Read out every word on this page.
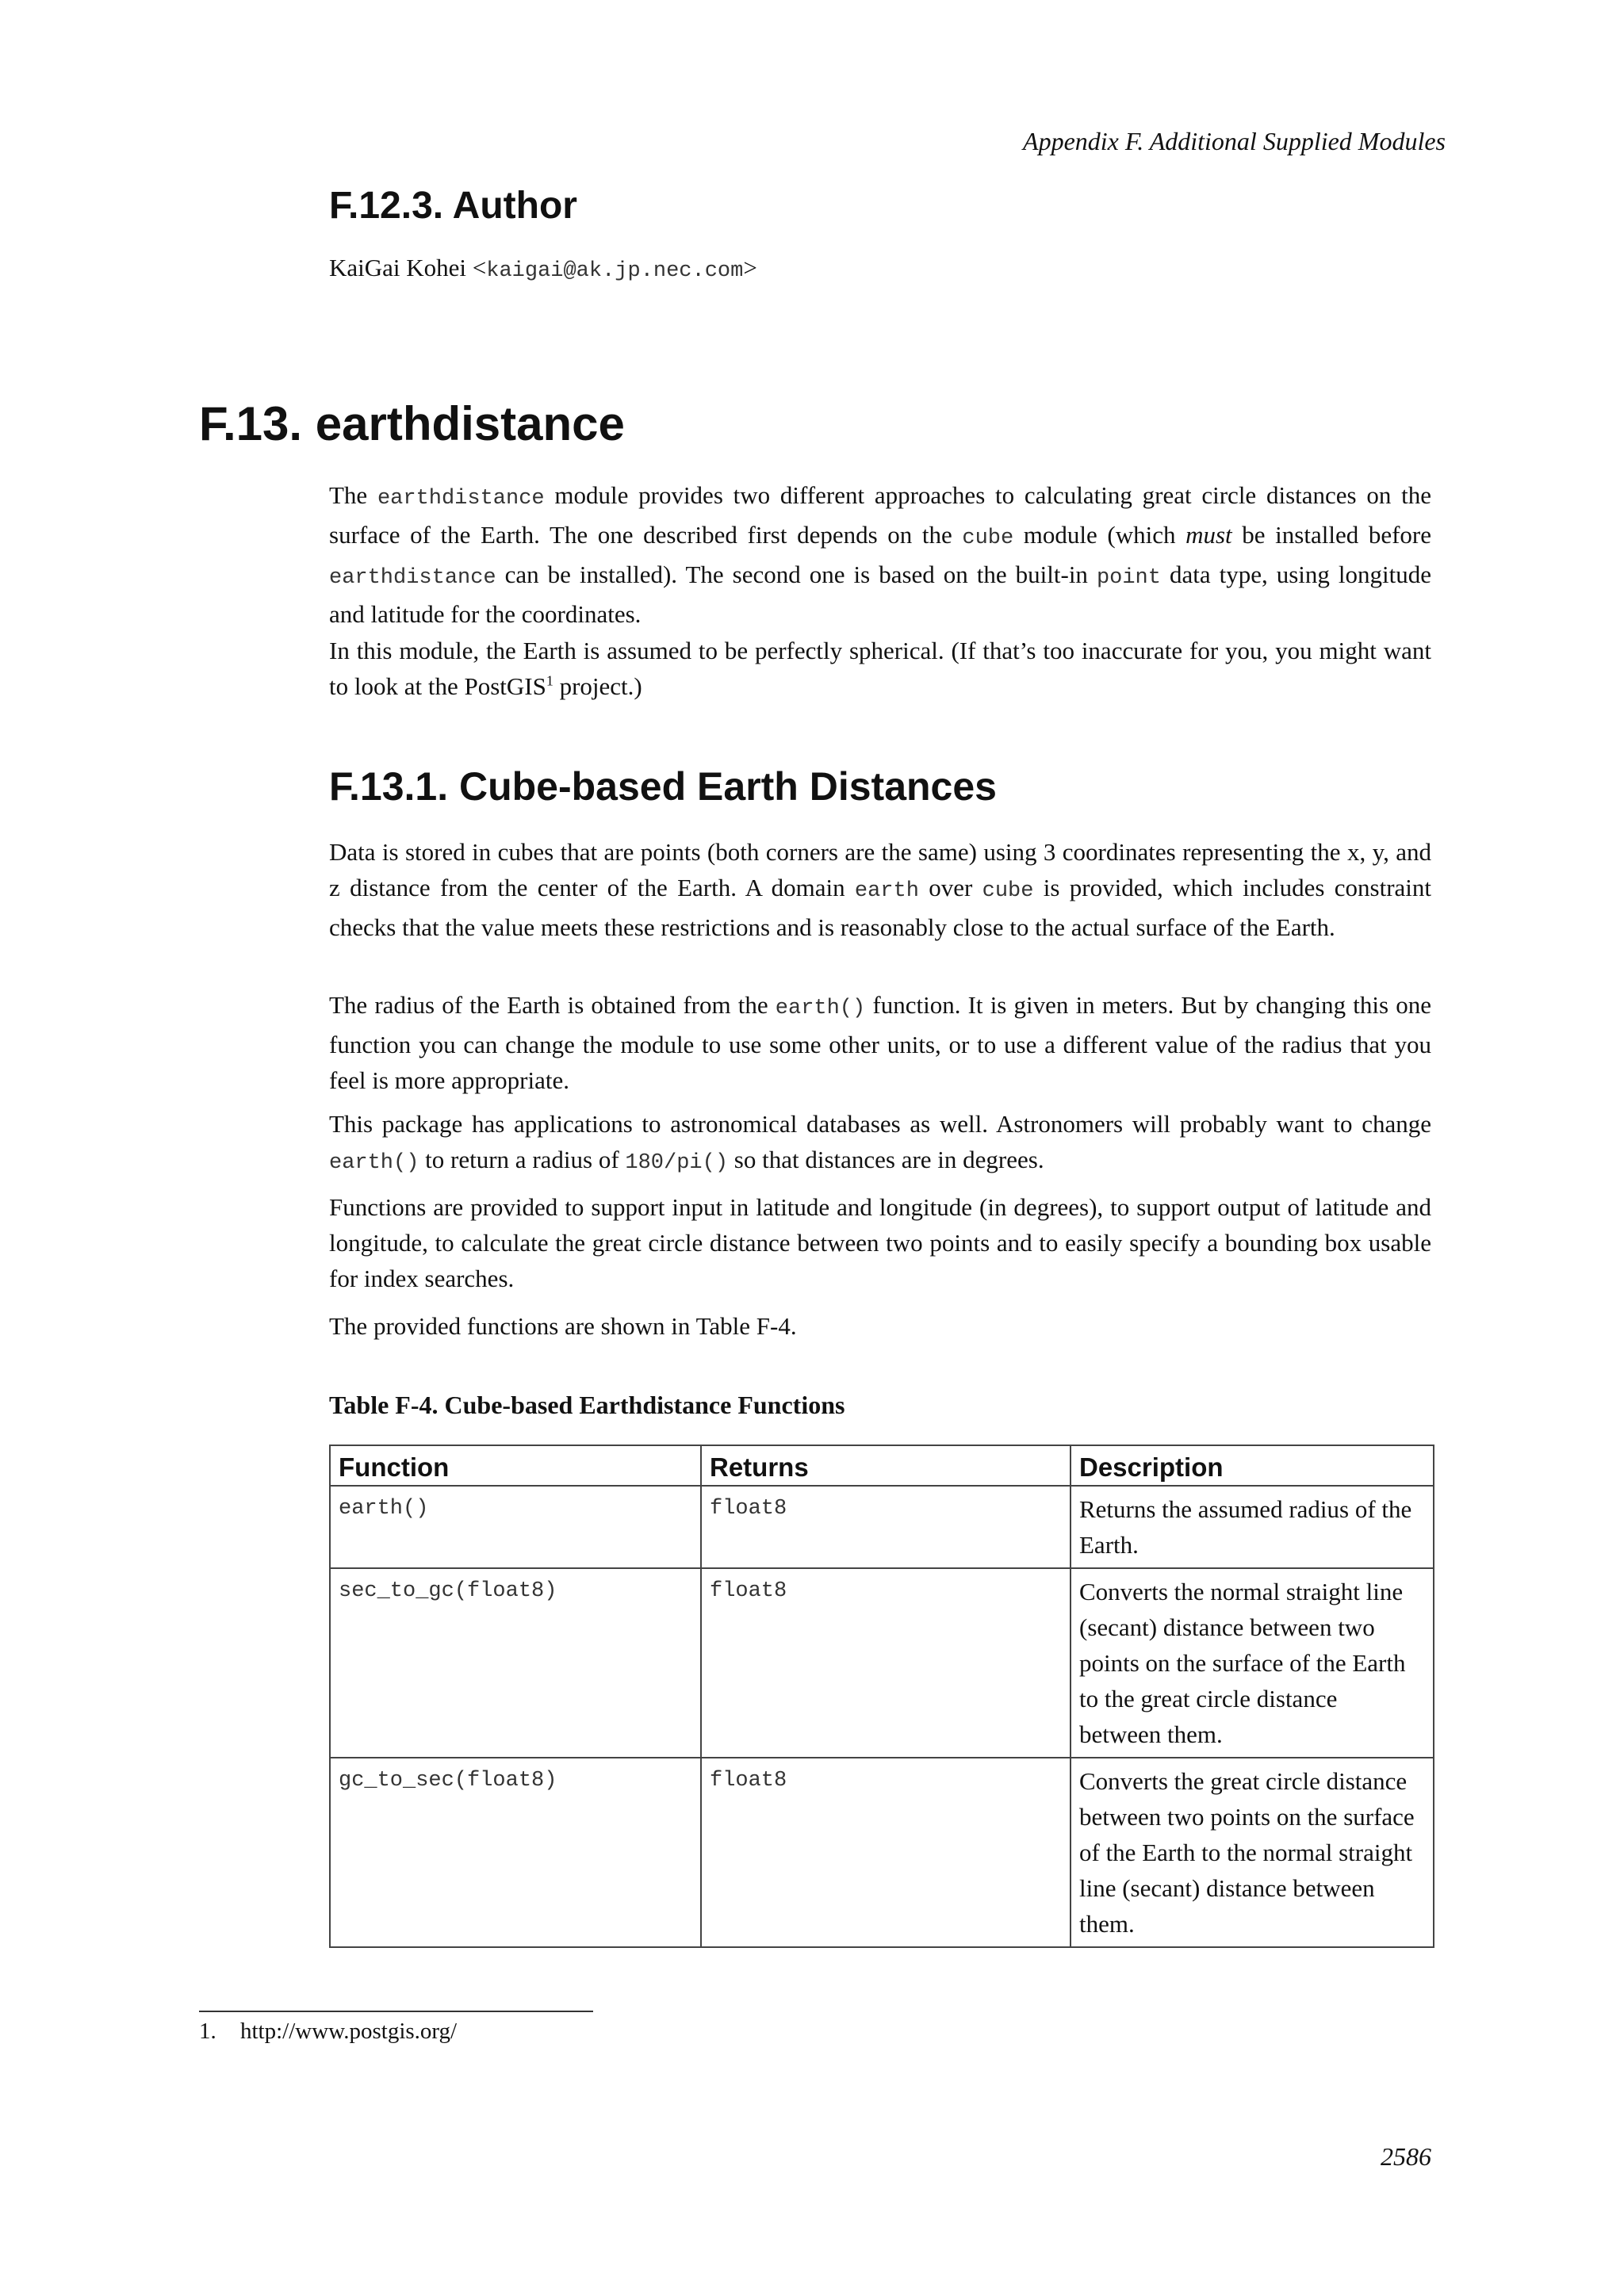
Appendix F. Additional Supplied Modules
F.12.3. Author
KaiGai Kohei <kaigai@ak.jp.nec.com>
F.13. earthdistance
The earthdistance module provides two different approaches to calculating great circle distances on the surface of the Earth. The one described first depends on the cube module (which must be installed before earthdistance can be installed). The second one is based on the built-in point data type, using longitude and latitude for the coordinates.
In this module, the Earth is assumed to be perfectly spherical. (If that’s too inaccurate for you, you might want to look at the PostGIS$^1$ project.)
F.13.1. Cube-based Earth Distances
Data is stored in cubes that are points (both corners are the same) using 3 coordinates representing the x, y, and z distance from the center of the Earth. A domain earth over cube is provided, which includes constraint checks that the value meets these restrictions and is reasonably close to the actual surface of the Earth.
The radius of the Earth is obtained from the earth() function. It is given in meters. But by changing this one function you can change the module to use some other units, or to use a different value of the radius that you feel is more appropriate.
This package has applications to astronomical databases as well. Astronomers will probably want to change earth() to return a radius of 180/pi() so that distances are in degrees.
Functions are provided to support input in latitude and longitude (in degrees), to support output of latitude and longitude, to calculate the great circle distance between two points and to easily specify a bounding box usable for index searches.
The provided functions are shown in Table F-4.
Table F-4. Cube-based Earthdistance Functions
Function	Returns	Description
earth()	float8	Returns the assumed radius of the Earth.
sec_to_gc(float8)	float8	Converts the normal straight line (secant) distance between two points on the surface of the Earth to the great circle distance between them.
gc_to_sec(float8)	float8	Converts the great circle distance between two points on the surface of the Earth to the normal straight line (secant) distance between them.
1. http://www.postgis.org/
2586
